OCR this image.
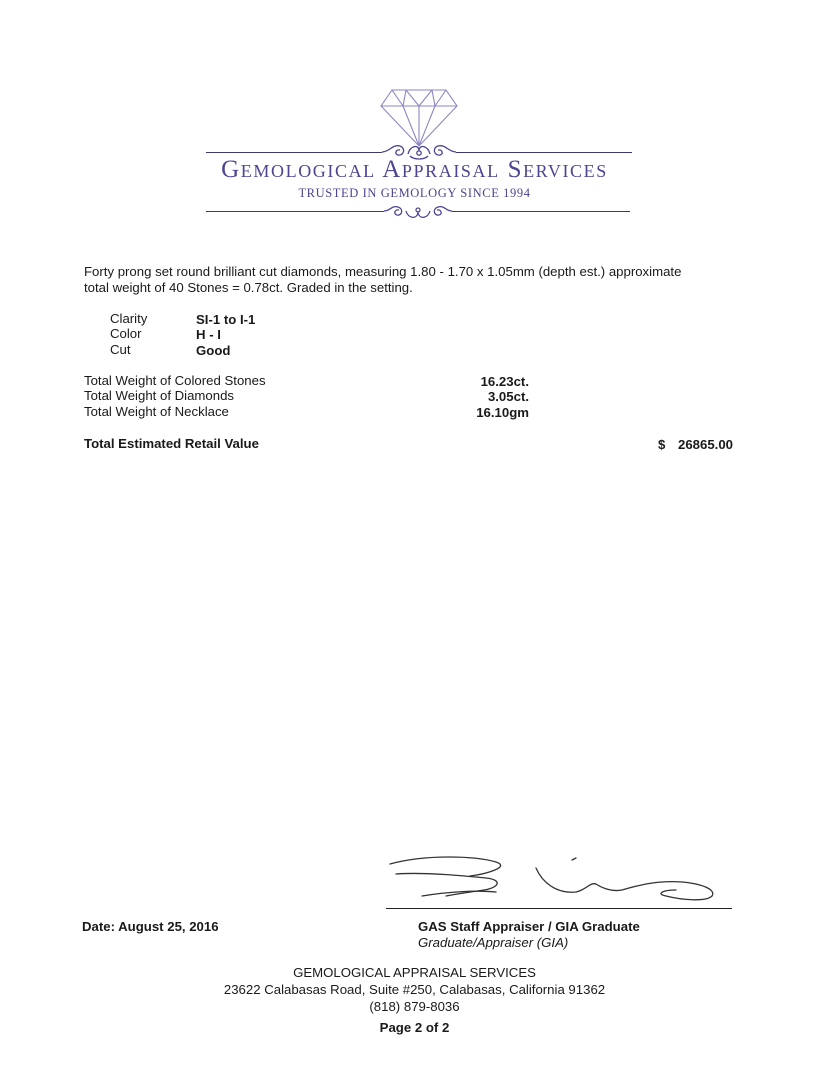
Gemological Appraisal Services
TRUSTED IN GEMOLOGY SINCE 1994
Forty prong set round brilliant cut diamonds, measuring 1.80 - 1.70 x 1.05mm (depth est.) approximate
total weight of 40 Stones = 0.78ct. Graded in the setting.
Clarity	SI-1 to I-1
Color	H - I
Cut	Good
Total Weight of Colored Stones	16.23ct.
Total Weight of Diamonds	3.05ct.
Total Weight of Necklace	16.10gm
Total Estimated Retail Value	$ 26865.00
Date: August 25, 2016	GAS Staff Appraiser / GIA Graduate
Graduate/Appraiser (GIA)
GEMOLOGICAL APPRAISAL SERVICES
23622 Calabasas Road, Suite #250, Calabasas, California 91362
(818) 879-8036
Page 2 of 2
